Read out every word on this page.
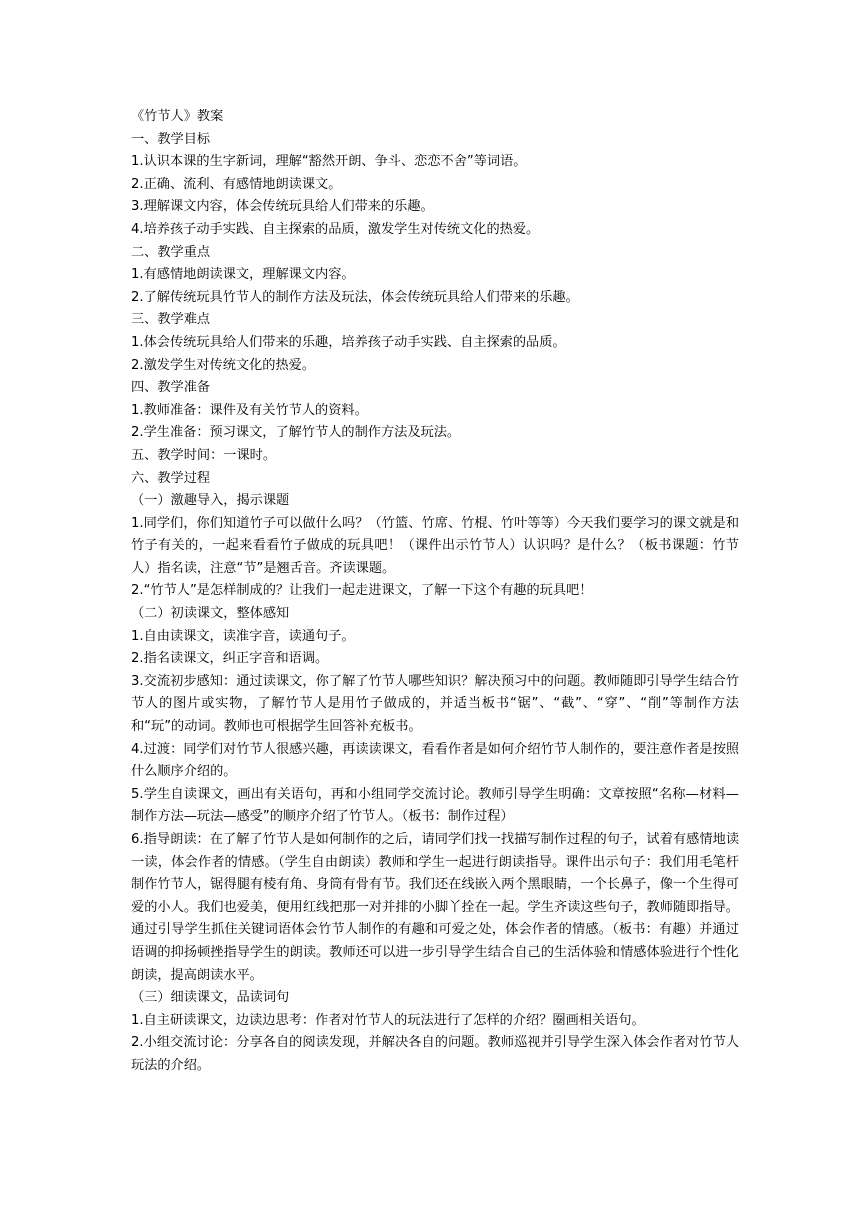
《竹节人》教案

一、教学目标

1.认识本课的生字新词，理解“豁然开朗、争斗、恋恋不舍”等词语。

2.正确、流利、有感情地朗读课文。

3.理解课文内容，体会传统玩具给人们带来的乐趣。

4.培养孩子动手实践、自主探索的品质，激发学生对传统文化的热爱。

二、教学重点

1.有感情地朗读课文，理解课文内容。

2.了解传统玩具竹节人的制作方法及玩法，体会传统玩具给人们带来的乐趣。

三、教学难点

1.体会传统玩具给人们带来的乐趣，培养孩子动手实践、自主探索的品质。

2.激发学生对传统文化的热爱。

四、教学准备

1.教师准备：课件及有关竹节人的资料。

2.学生准备：预习课文，了解竹节人的制作方法及玩法。

五、教学时间：一课时。

六、教学过程

（一）激趣导入，揭示课题

1.同学们，你们知道竹子可以做什么吗？（竹篮、竹席、竹棍、竹叶等等）今天我们要学习的课文就是和竹子有关的，一起来看看竹子做成的玩具吧！（课件出示竹节人）认识吗？是什么？（板书课题：竹节人）指名读，注意“节”是翘舌音。齐读课题。

2.“竹节人”是怎样制成的？让我们一起走进课文，了解一下这个有趣的玩具吧！

（二）初读课文，整体感知

1.自由读课文，读准字音，读通句子。

2.指名读课文，纠正字音和语调。

3.交流初步感知：通过读课文，你了解了竹节人哪些知识？解决预习中的问题。教师随即引导学生结合竹节人的图片或实物，了解竹节人是用竹子做成的，并适当板书“锯”、“截”、“穿”、“削”等制作方法和“玩”的动词。教师也可根据学生回答补充板书。

4.过渡：同学们对竹节人很感兴趣，再读读课文，看看作者是如何介绍竹节人制作的，要注意作者是按照什么顺序介绍的。

5.学生自读课文，画出有关语句，再和小组同学交流讨论。教师引导学生明确：文章按照“名称—材料—制作方法—玩法—感受”的顺序介绍了竹节人。（板书：制作过程）

6.指导朗读：在了解了竹节人是如何制作的之后，请同学们找一找描写制作过程的句子，试着有感情地读一读，体会作者的情感。（学生自由朗读）教师和学生一起进行朗读指导。课件出示句子：我们用毛笔杆制作竹节人，锯得腿有棱有角、身筒有骨有节。我们还在线嵌入两个黑眼睛，一个长鼻子，像一个生得可爱的小人。我们也爱美，便用红线把那一对并排的小脚丫拴在一起。学生齐读这些句子，教师随即指导。通过引导学生抓住关键词语体会竹节人制作的有趣和可爱之处，体会作者的情感。（板书：有趣）并通过语调的抑扬顿挫指导学生的朗读。教师还可以进一步引导学生结合自己的生活体验和情感体验进行个性化朗读，提高朗读水平。

（三）细读课文，品读词句

1.自主研读课文，边读边思考：作者对竹节人的玩法进行了怎样的介绍？圈画相关语句。

2.小组交流讨论：分享各自的阅读发现，并解决各自的问题。教师巡视并引导学生深入体会作者对竹节人玩法的介绍。
